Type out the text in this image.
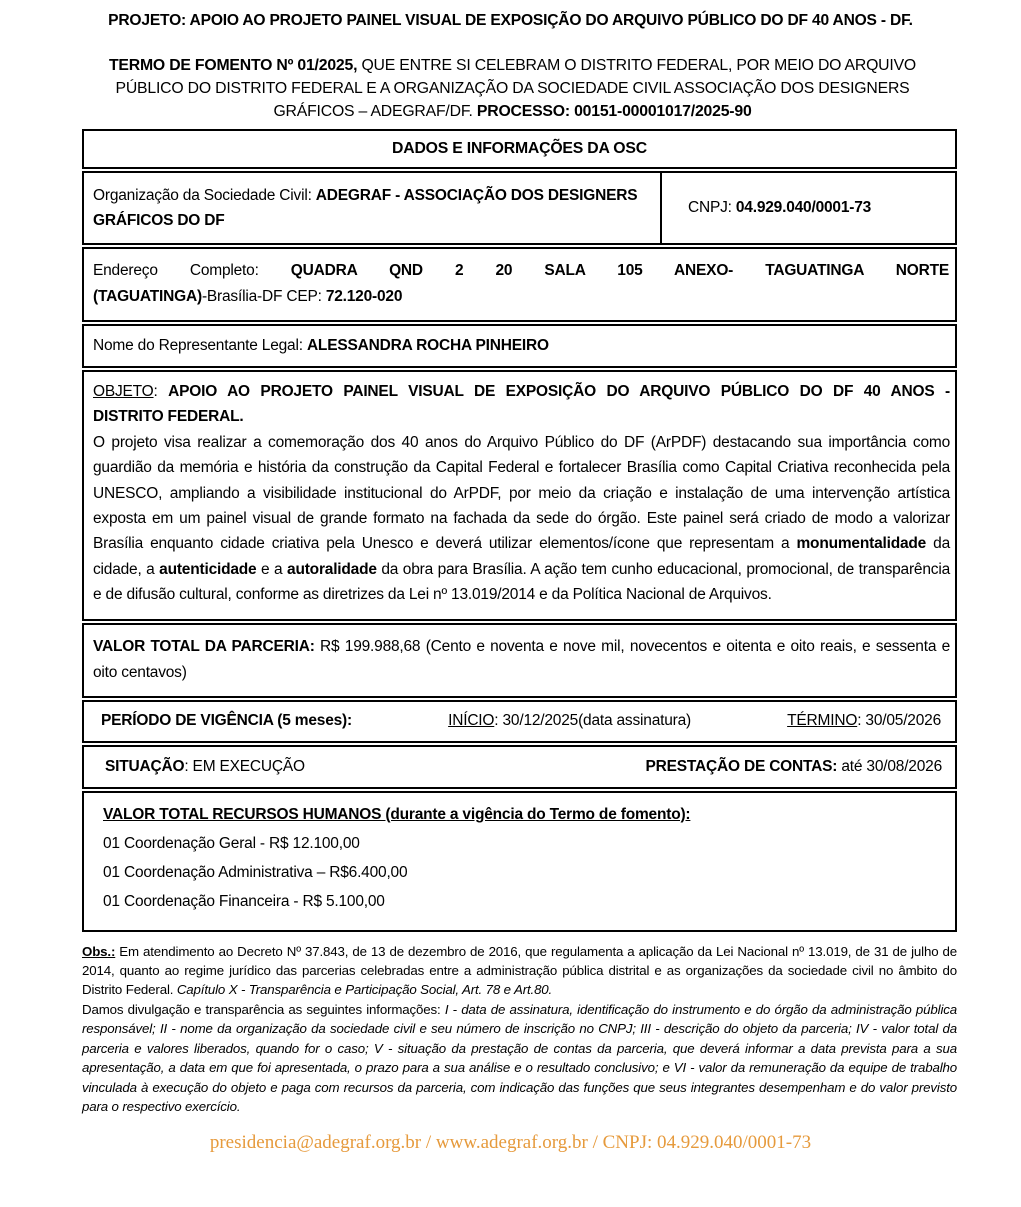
PROJETO: APOIO AO PROJETO PAINEL VISUAL DE EXPOSIÇÃO DO ARQUIVO PÚBLICO DO DF 40 ANOS - DF.
TERMO DE FOMENTO Nº 01/2025, QUE ENTRE SI CELEBRAM O DISTRITO FEDERAL, POR MEIO DO ARQUIVO PÚBLICO DO DISTRITO FEDERAL E A ORGANIZAÇÃO DA SOCIEDADE CIVIL ASSOCIAÇÃO DOS DESIGNERS GRÁFICOS – ADEGRAF/DF. PROCESSO: 00151-00001017/2025-90
DADOS E INFORMAÇÕES DA OSC
Organização da Sociedade Civil: ADEGRAF - ASSOCIAÇÃO DOS DESIGNERS GRÁFICOS DO DF
CNPJ: 04.929.040/0001-73
Endereço Completo: QUADRA QND 2 20 SALA 105 ANEXO- TAGUATINGA NORTE
(TAGUATINGA)-Brasília-DF CEP: 72.120-020
Nome do Representante Legal: ALESSANDRA ROCHA PINHEIRO
OBJETO: APOIO AO PROJETO PAINEL VISUAL DE EXPOSIÇÃO DO ARQUIVO PÚBLICO DO DF 40 ANOS -
DISTRITO FEDERAL.
O projeto visa realizar a comemoração dos 40 anos do Arquivo Público do DF (ArPDF) destacando sua importância como guardião da memória e história da construção da Capital Federal e fortalecer Brasília como Capital Criativa reconhecida pela UNESCO, ampliando a visibilidade institucional do ArPDF, por meio da criação e instalação de uma intervenção artística exposta em um painel visual de grande formato na fachada da sede do órgão. Este painel será criado de modo a valorizar Brasília enquanto cidade criativa pela Unesco e deverá utilizar elementos/ícone que representam a monumentalidade da cidade, a autenticidade e a autoralidade da obra para Brasília. A ação tem cunho educacional, promocional, de transparência e de difusão cultural, conforme as diretrizes da Lei nº 13.019/2014 e da Política Nacional de Arquivos.
VALOR TOTAL DA PARCERIA: R$ 199.988,68 (Cento e noventa e nove mil, novecentos e oitenta e oito reais, e sessenta e oito centavos)
PERÍODO DE VIGÊNCIA (5 meses):	INÍCIO: 30/12/2025(data assinatura)	TÉRMINO: 30/05/2026
SITUAÇÃO: EM EXECUÇÃO	PRESTAÇÃO DE CONTAS: até 30/08/2026
VALOR TOTAL RECURSOS HUMANOS (durante a vigência do Termo de fomento):
01 Coordenação Geral - R$ 12.100,00
01 Coordenação Administrativa – R$6.400,00
01 Coordenação Financeira - R$ 5.100,00

Obs.: Em atendimento ao Decreto Nº 37.843, de 13 de dezembro de 2016, que regulamenta a aplicação da Lei Nacional nº 13.019, de 31 de julho de 2014, quanto ao regime jurídico das parcerias celebradas entre a administração pública distrital e as organizações da sociedade civil no âmbito do Distrito Federal. Capítulo X - Transparência e Participação Social, Art. 78 e Art.80.

Damos divulgação e transparência as seguintes informações: I - data de assinatura, identificação do instrumento e do órgão da administração pública responsável; II - nome da organização da sociedade civil e seu número de inscrição no CNPJ; III - descrição do objeto da parceria; IV - valor total da parceria e valores liberados, quando for o caso; V - situação da prestação de contas da parceria, que deverá informar a data prevista para a sua apresentação, a data em que foi apresentada, o prazo para a sua análise e o resultado conclusivo; e VI - valor da remuneração da equipe de trabalho vinculada à execução do objeto e paga com recursos da parceria, com indicação das funções que seus integrantes desempenham e do valor previsto para o respectivo exercício.

presidencia@adegraf.org.br / www.adegraf.org.br / CNPJ: 04.929.040/0001-73
